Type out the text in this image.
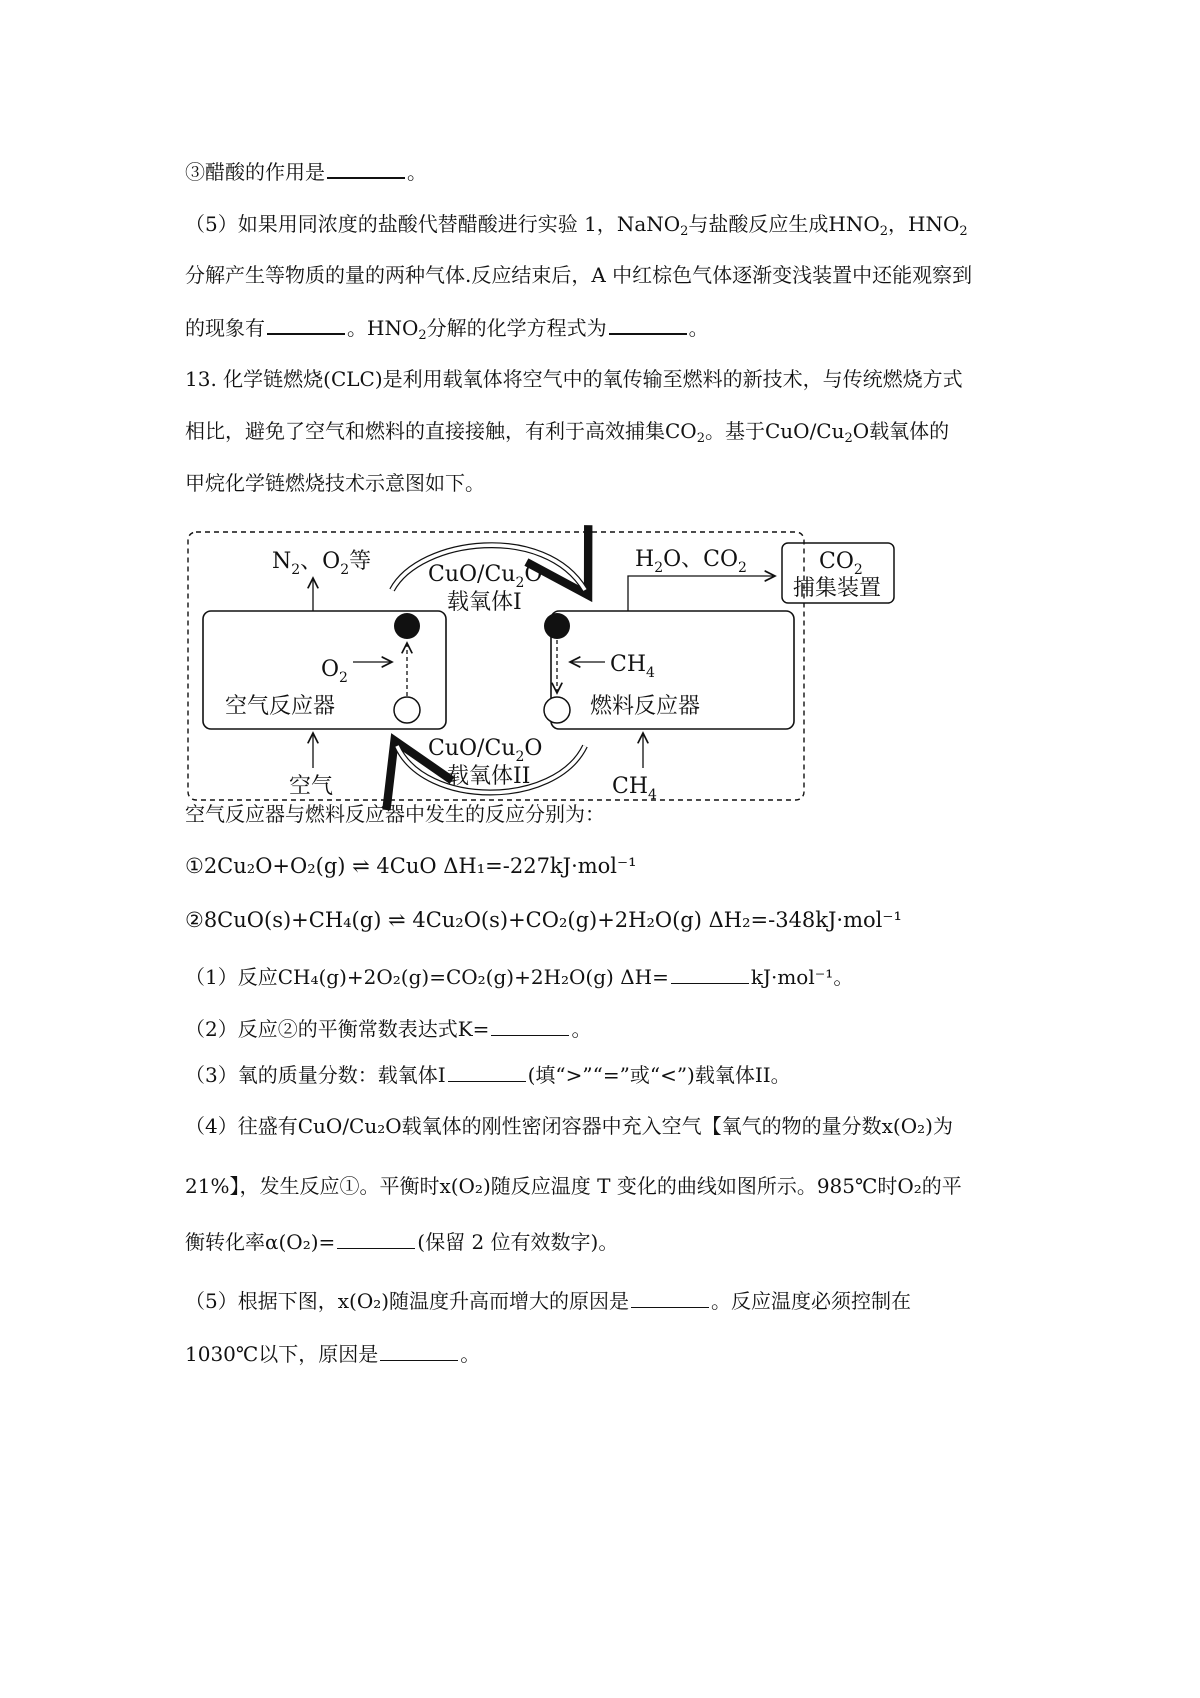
③醋酸的作用是	。
（5）如果用同浓度的盐酸代替醋酸进行实验 1，NaNO$_2$与盐酸反应生成$HNO_2$，$HNO_2$
分解产生等物质的量的两种气体.反应结束后，A 中红棕色气体逐渐变浅装置中还能观察到
的现象有	。$HNO_2$分解的化学方程式为	。
13. 化学链燃烧(CLC)是利用载氧体将空气中的氧传输至燃料的新技术，与传统燃烧方式
相比，避免了空气和燃料的直接接触，有利于高效捕集$CO_2$。基于CuO/$Cu_2O$载氧体的
甲烷化学链燃烧技术示意图如下。
$N_2$、$O_2$等
CuO/$Cu_2O$
载氧体I
CuO/$Cu_2O$
载氧体II
$O_2$
空气反应器
$CH_4$
燃料反应器
空气	$CH_4$
$H_2O$、$CO_2$	$CO_2$
捕集装置
空气反应器与燃料反应器中发生的反应分别为：
①2Cu₂O+O₂(g) ⇌ 4CuO ΔH₁=-227kJ·mol⁻¹
②8CuO(s)+CH₄(g) ⇌ 4Cu₂O(s)+CO₂(g)+2H₂O(g) ΔH₂=-348kJ·mol⁻¹
（1）反应CH₄(g)+2O₂(g)=CO₂(g)+2H₂O(g) ΔH=	kJ·mol⁻¹。
（2）反应②的平衡常数表达式K=	。
（3）氧的质量分数：载氧体I	(填“>”“=”或“<”)载氧体II。
（4）往盛有CuO/Cu₂O载氧体的刚性密闭容器中充入空气【氧气的物的量分数x(O₂)为
21%】，发生反应①。平衡时x(O₂)随反应温度 T 变化的曲线如图所示。985℃时O₂的平
衡转化率α(O₂)=	(保留 2 位有效数字)。
（5）根据下图，x(O₂)随温度升高而增大的原因是	。反应温度必须控制在
1030℃以下，原因是	。
